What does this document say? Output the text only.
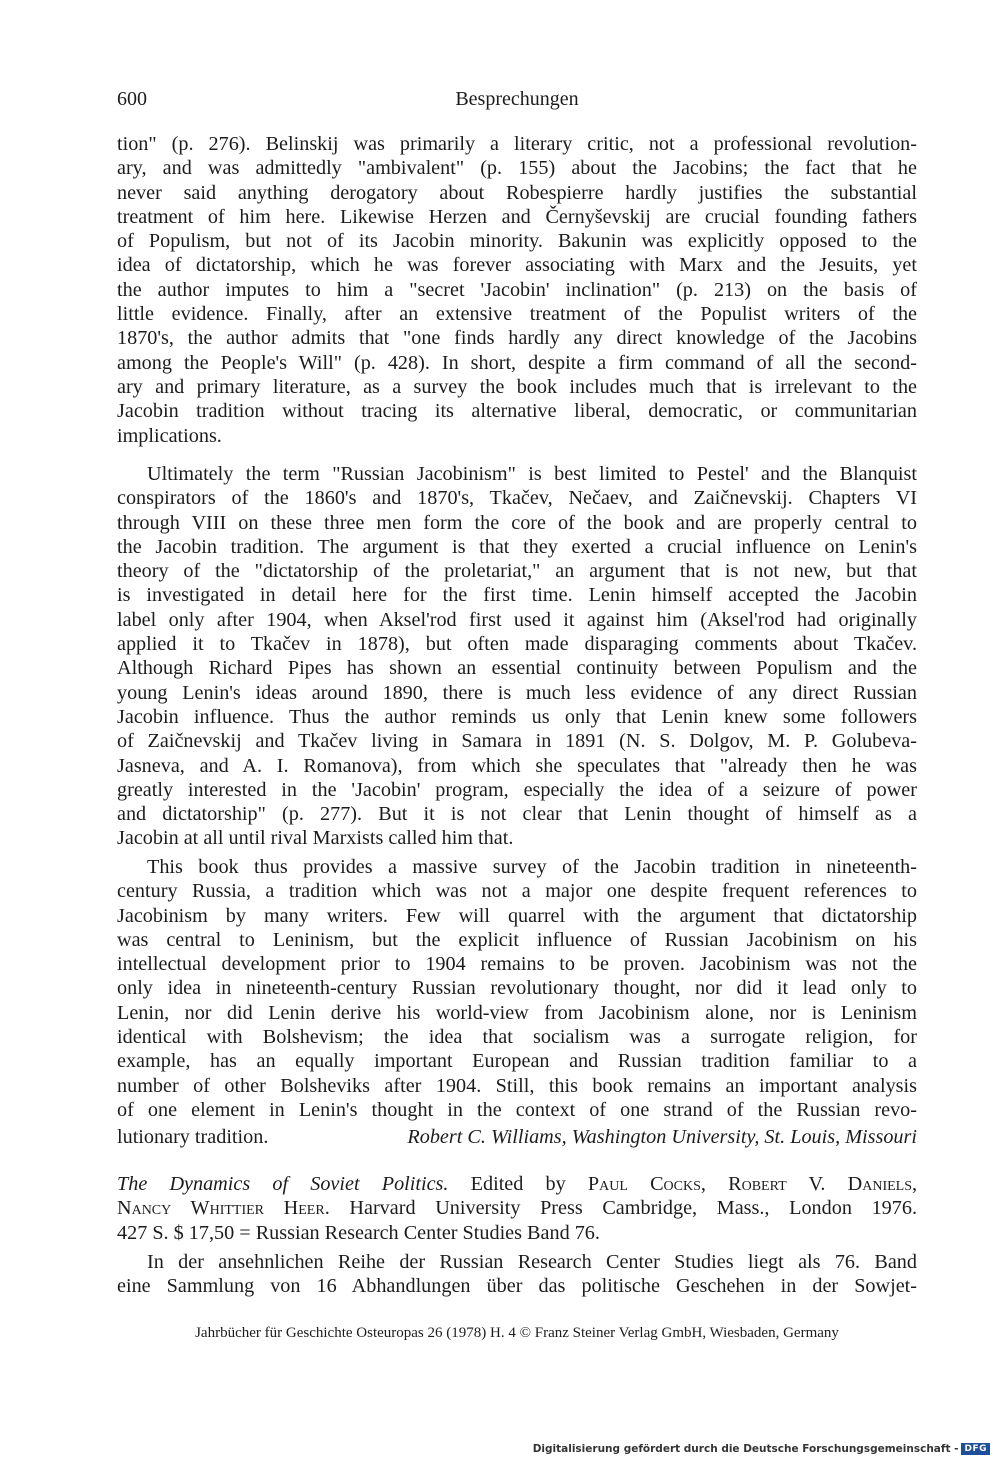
600	Besprechungen
tion" (p. 276). Belinskij was primarily a literary critic, not a professional revolution-
ary, and was admittedly "ambivalent" (p. 155) about the Jacobins; the fact that he
never said anything derogatory about Robespierre hardly justifies the substantial
treatment of him here. Likewise Herzen and Černyševskij are crucial founding fathers
of Populism, but not of its Jacobin minority. Bakunin was explicitly opposed to the
idea of dictatorship, which he was forever associating with Marx and the Jesuits, yet
the author imputes to him a "secret 'Jacobin' inclination" (p. 213) on the basis of
little evidence. Finally, after an extensive treatment of the Populist writers of the
1870's, the author admits that "one finds hardly any direct knowledge of the Jacobins
among the People's Will" (p. 428). In short, despite a firm command of all the second-
ary and primary literature, as a survey the book includes much that is irrelevant to the
Jacobin tradition without tracing its alternative liberal, democratic, or communitarian
implications.
Ultimately the term "Russian Jacobinism" is best limited to Pestel' and the Blanquist
conspirators of the 1860's and 1870's, Tkačev, Nečaev, and Zaičnevskij. Chapters VI
through VIII on these three men form the core of the book and are properly central to
the Jacobin tradition. The argument is that they exerted a crucial influence on Lenin's
theory of the "dictatorship of the proletariat," an argument that is not new, but that
is investigated in detail here for the first time. Lenin himself accepted the Jacobin
label only after 1904, when Aksel'rod first used it against him (Aksel'rod had originally
applied it to Tkačev in 1878), but often made disparaging comments about Tkačev.
Although Richard Pipes has shown an essential continuity between Populism and the
young Lenin's ideas around 1890, there is much less evidence of any direct Russian
Jacobin influence. Thus the author reminds us only that Lenin knew some followers
of Zaičnevskij and Tkačev living in Samara in 1891 (N. S. Dolgov, M. P. Golubeva-
Jasneva, and A. I. Romanova), from which she speculates that "already then he was
greatly interested in the 'Jacobin' program, especially the idea of a seizure of power
and dictatorship" (p. 277). But it is not clear that Lenin thought of himself as a
Jacobin at all until rival Marxists called him that.
This book thus provides a massive survey of the Jacobin tradition in nineteenth-
century Russia, a tradition which was not a major one despite frequent references to
Jacobinism by many writers. Few will quarrel with the argument that dictatorship
was central to Leninism, but the explicit influence of Russian Jacobinism on his
intellectual development prior to 1904 remains to be proven. Jacobinism was not the
only idea in nineteenth-century Russian revolutionary thought, nor did it lead only to
Lenin, nor did Lenin derive his world-view from Jacobinism alone, nor is Leninism
identical with Bolshevism; the idea that socialism was a surrogate religion, for
example, has an equally important European and Russian tradition familiar to a
number of other Bolsheviks after 1904. Still, this book remains an important analysis
of one element in Lenin's thought in the context of one strand of the Russian revo-
lutionary tradition.	Robert C. Williams, Washington University, St. Louis, Missouri
The Dynamics of Soviet Politics. Edited by Paul Cocks, Robert V. Daniels,
Nancy Whittier Heer. Harvard University Press Cambridge, Mass., London 1976.
427 S. $ 17,50 = Russian Research Center Studies Band 76.
In der ansehnlichen Reihe der Russian Research Center Studies liegt als 76. Band
eine Sammlung von 16 Abhandlungen über das politische Geschehen in der Sowjet-
Jahrbücher für Geschichte Osteuropas 26 (1978) H. 4 © Franz Steiner Verlag GmbH, Wiesbaden, Germany
Digitalisierung gefördert durch die Deutsche Forschungsgemeinschaft - DFG
